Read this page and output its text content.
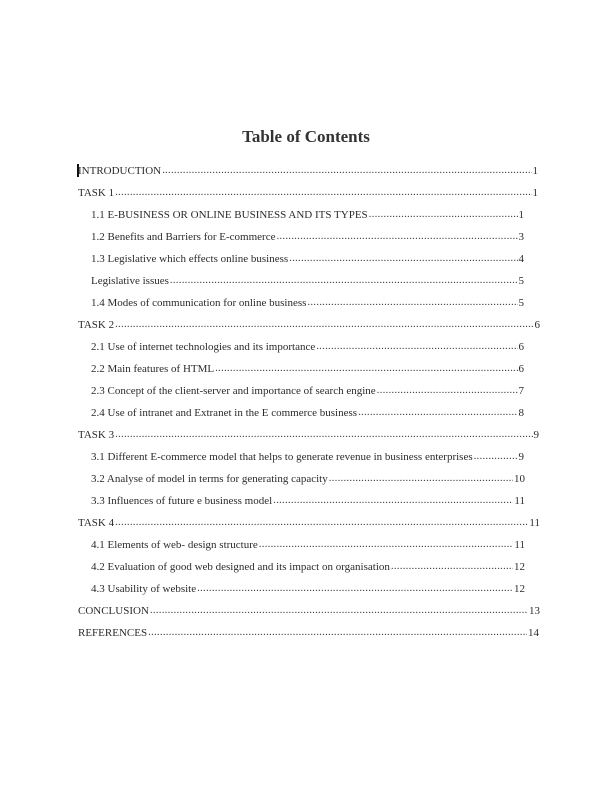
Table of Contents
INTRODUCTION .....	1
TASK 1 .....	1
1.1 E-BUSINESS OR ONLINE BUSINESS AND ITS TYPES .....	1
1.2 Benefits and Barriers for E-commerce .....	3
1.3 Legislative which effects online business .....	4
Legislative issues .....	5
1.4 Modes of communication for online business .....	5
TASK 2 .....	6
2.1 Use of internet technologies and its importance .....	6
2.2 Main features of HTML .....	6
2.3 Concept of the client-server and importance of search engine .....	7
2.4 Use of intranet and Extranet in the E commerce business .....	8
TASK 3 .....	9
3.1 Different E-commerce model that helps to generate revenue in business enterprises .....	9
3.2 Analyse of model in terms for generating capacity .....	10
3.3 Influences of future e business model .....	11
TASK 4 .....	11
4.1 Elements of web- design structure .....	11
4.2 Evaluation of good web designed and its impact on organisation .....	12
4.3 Usability of website .....	12
CONCLUSION .....	13
REFERENCES .....	14
